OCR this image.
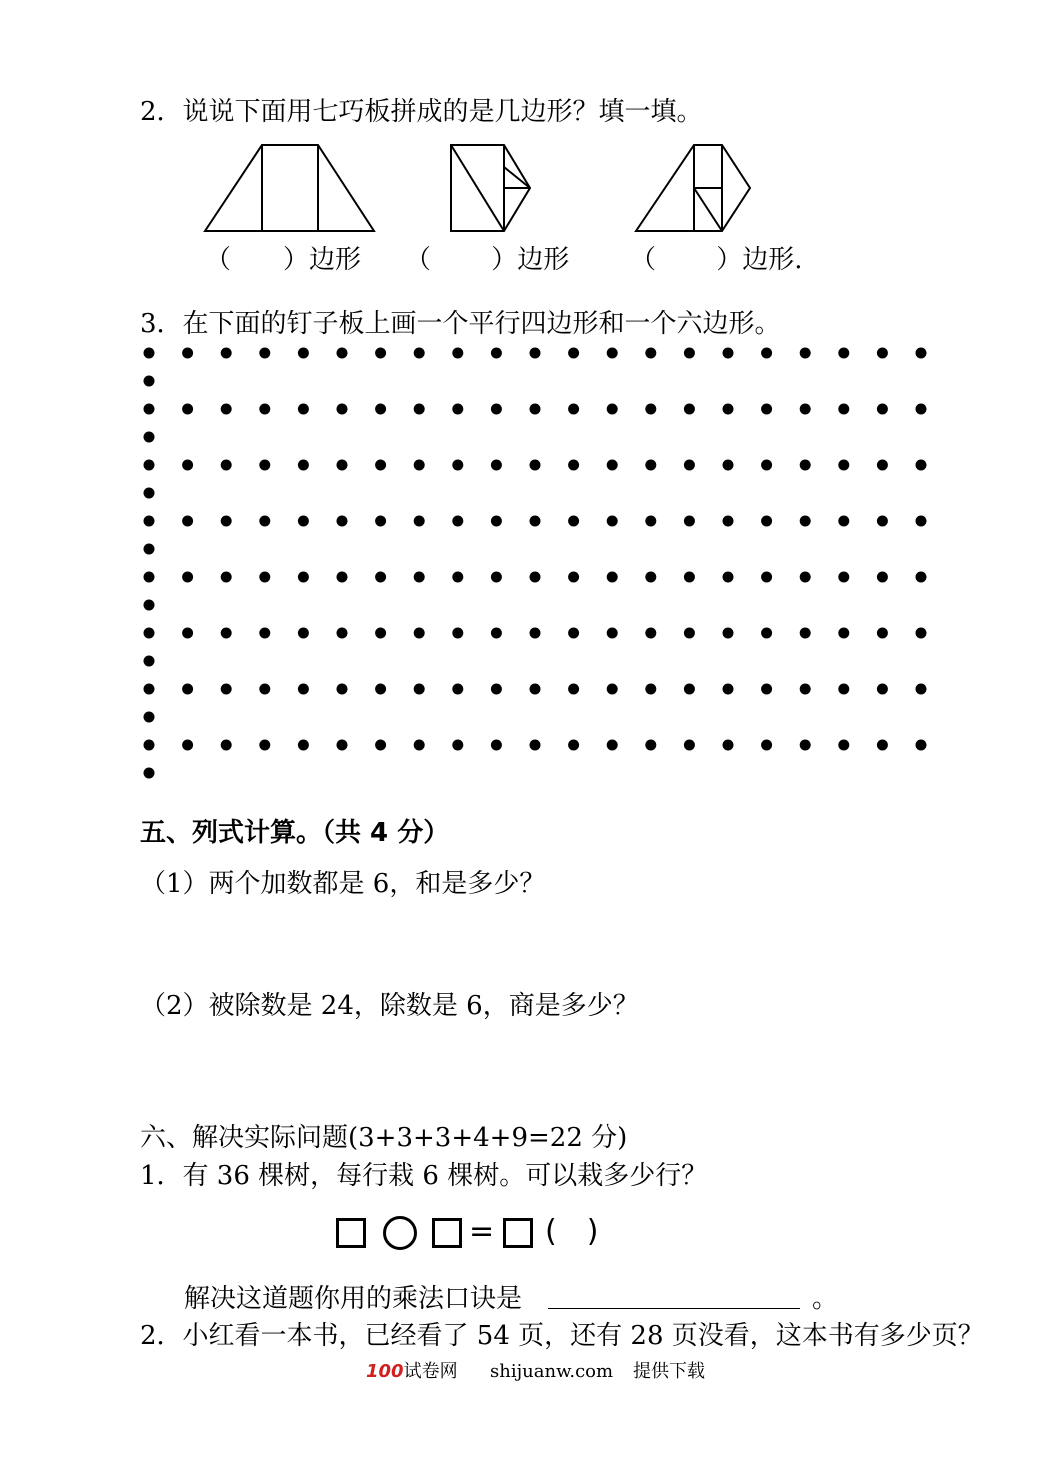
2．说说下面用七巧板拼成的是几边形？填一填。
（　　）边形 （　　 ）边形 （　　 ）边形.
3．在下面的钉子板上画一个平行四边形和一个六边形。
五、列式计算。（共 4 分）
（1）两个加数都是 6，和是多少？
（2）被除数是 24，除数是 6，商是多少？
六、解决实际问题(3+3+3+4+9=22 分)
1．有 36 棵树，每行栽 6 棵树。可以栽多少行？
= (　)
解决这道题你用的乘法口诀是	。
2．小红看一本书，已经看了 54 页，还有 28 页没看，这本书有多少页？
100试卷网 shijuanw.com 提供下载
